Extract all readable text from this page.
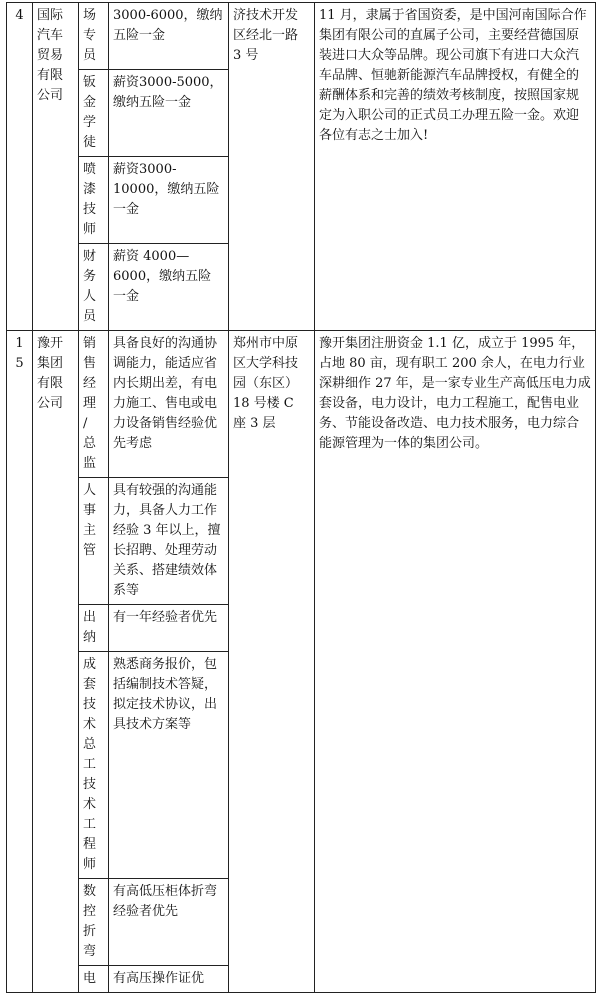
4	国际汽车贸易有限公司	场专员	3000-6000，缴纳五险一金	济技术开发区经北一路 3 号	11 月，隶属于省国资委，是中国河南国际合作集团有限公司的直属子公司，主要经营德国原装进口大众等品牌。现公司旗下有进口大众汽车品牌、恒驰新能源汽车品牌授权，有健全的薪酬体系和完善的绩效考核制度，按照国家规定为入职公司的正式员工办理五险一金。欢迎各位有志之士加入!

		钣金学徒	薪资3000-5000，缴纳五险一金		

		喷漆技师	薪资3000-10000，缴纳五险一金		

		财务人员	薪资 4000—6000，缴纳五险一金		

15	豫开集团有限公司	销售经理/总监	具备良好的沟通协调能力，能适应省内长期出差，有电力施工、售电或电力设备销售经验优先考虑	郑州市中原区大学科技园（东区）18 号楼 C 座 3 层	豫开集团注册资金 1.1 亿，成立于 1995 年，占地 80 亩，现有职工 200 余人，在电力行业深耕细作 27 年，是一家专业生产高低压电力成套设备，电力设计，电力工程施工，配售电业务、节能设备改造、电力技术服务，电力综合能源管理为一体的集团公司。

		人事主管	具有较强的沟通能力，具备人力工作经验 3 年以上，擅长招聘、处理劳动关系、搭建绩效体系等		

		出纳	有一年经验者优先		

		成套技术总工技术工程师	熟悉商务报价，包括编制技术答疑，拟定技术协议，出具技术方案等		

		数控折弯	有高低压柜体折弯经验者优先		

		电	有高压操作证优		
